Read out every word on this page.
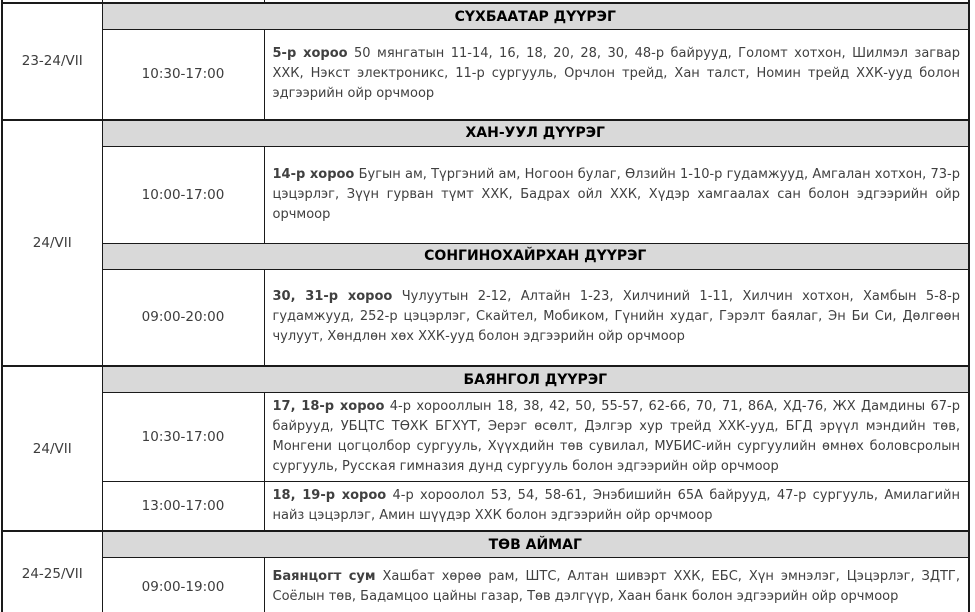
23-24/VII	СҮХБААТАР ДҮҮРЭГ	
	10:30-17:00	5-р хороо 50 мянгатын 11-14, 16, 18, 20, 28, 30, 48-р байрууд, Голомт хотхон, Шилмэл загвар ХХК, Нэкст электроникс, 11-р сургууль, Орчлон трейд, Хан талст, Номин трейд ХХК-ууд болон эдгээрийн ойр орчмоор
24/VII	ХАН-УУЛ ДҮҮРЭГ	
	10:00-17:00	14-р хороо Бугын ам, Түргэний ам, Ногоон булаг, Өлзийн 1-10-р гудамжууд, Амгалан хотхон, 73-р цэцэрлэг, Зүүн гурван түмт ХХК, Бадрах ойл ХХК, Хүдэр хамгаалах сан болон эдгээрийн ойр орчмоор
	СОНГИНОХАЙРХАН ДҮҮРЭГ	
	09:00-20:00	30, 31-р хороо Чулуутын 2-12, Алтайн 1-23, Хилчиний 1-11, Хилчин хотхон, Хамбын 5-8-р гудамжууд, 252-р цэцэрлэг, Скайтел, Мобиком, Гүнийн худаг, Гэрэлт баялаг, Эн Би Си, Дөлгөөн чулуут, Хөндлөн хөх ХХК-ууд болон эдгээрийн ойр орчмоор
24/VII	БАЯНГОЛ ДҮҮРЭГ	
	10:30-17:00	17, 18-р хороо 4-р хорооллын 18, 38, 42, 50, 55-57, 62-66, 70, 71, 86А, ХД-76, ЖХ Дамдины 67-р байрууд, УБЦТС ТӨХК БГХҮТ, Эерэг өсөлт, Дэлгэр хур трейд ХХК-ууд, БГД эрүүл мэндийн төв, Монгени цогцолбор сургууль, Хүүхдийн төв сувилал, МУБИС-ийн сургуулийн өмнөх боловсролын сургууль, Русская гимназия дунд сургууль болон эдгээрийн ойр орчмоор
	13:00-17:00	18, 19-р хороо 4-р хороолол 53, 54, 58-61, Энэбишийн 65А байрууд, 47-р сургууль, Амилагийн найз цэцэрлэг, Амин шүүдэр ХХК болон эдгээрийн ойр орчмоор
24-25/VII	ТӨВ АЙМАГ	
	09:00-19:00	Баянцогт сум Хашбат хөрөө рам, ШТС, Алтан шивэрт ХХК, ЕБС, Хүн эмнэлэг, Цэцэрлэг, ЗДТГ, Соёлын төв, Бадамцоо цайны газар, Төв дэлгүүр, Хаан банк болон эдгээрийн ойр орчмоор
